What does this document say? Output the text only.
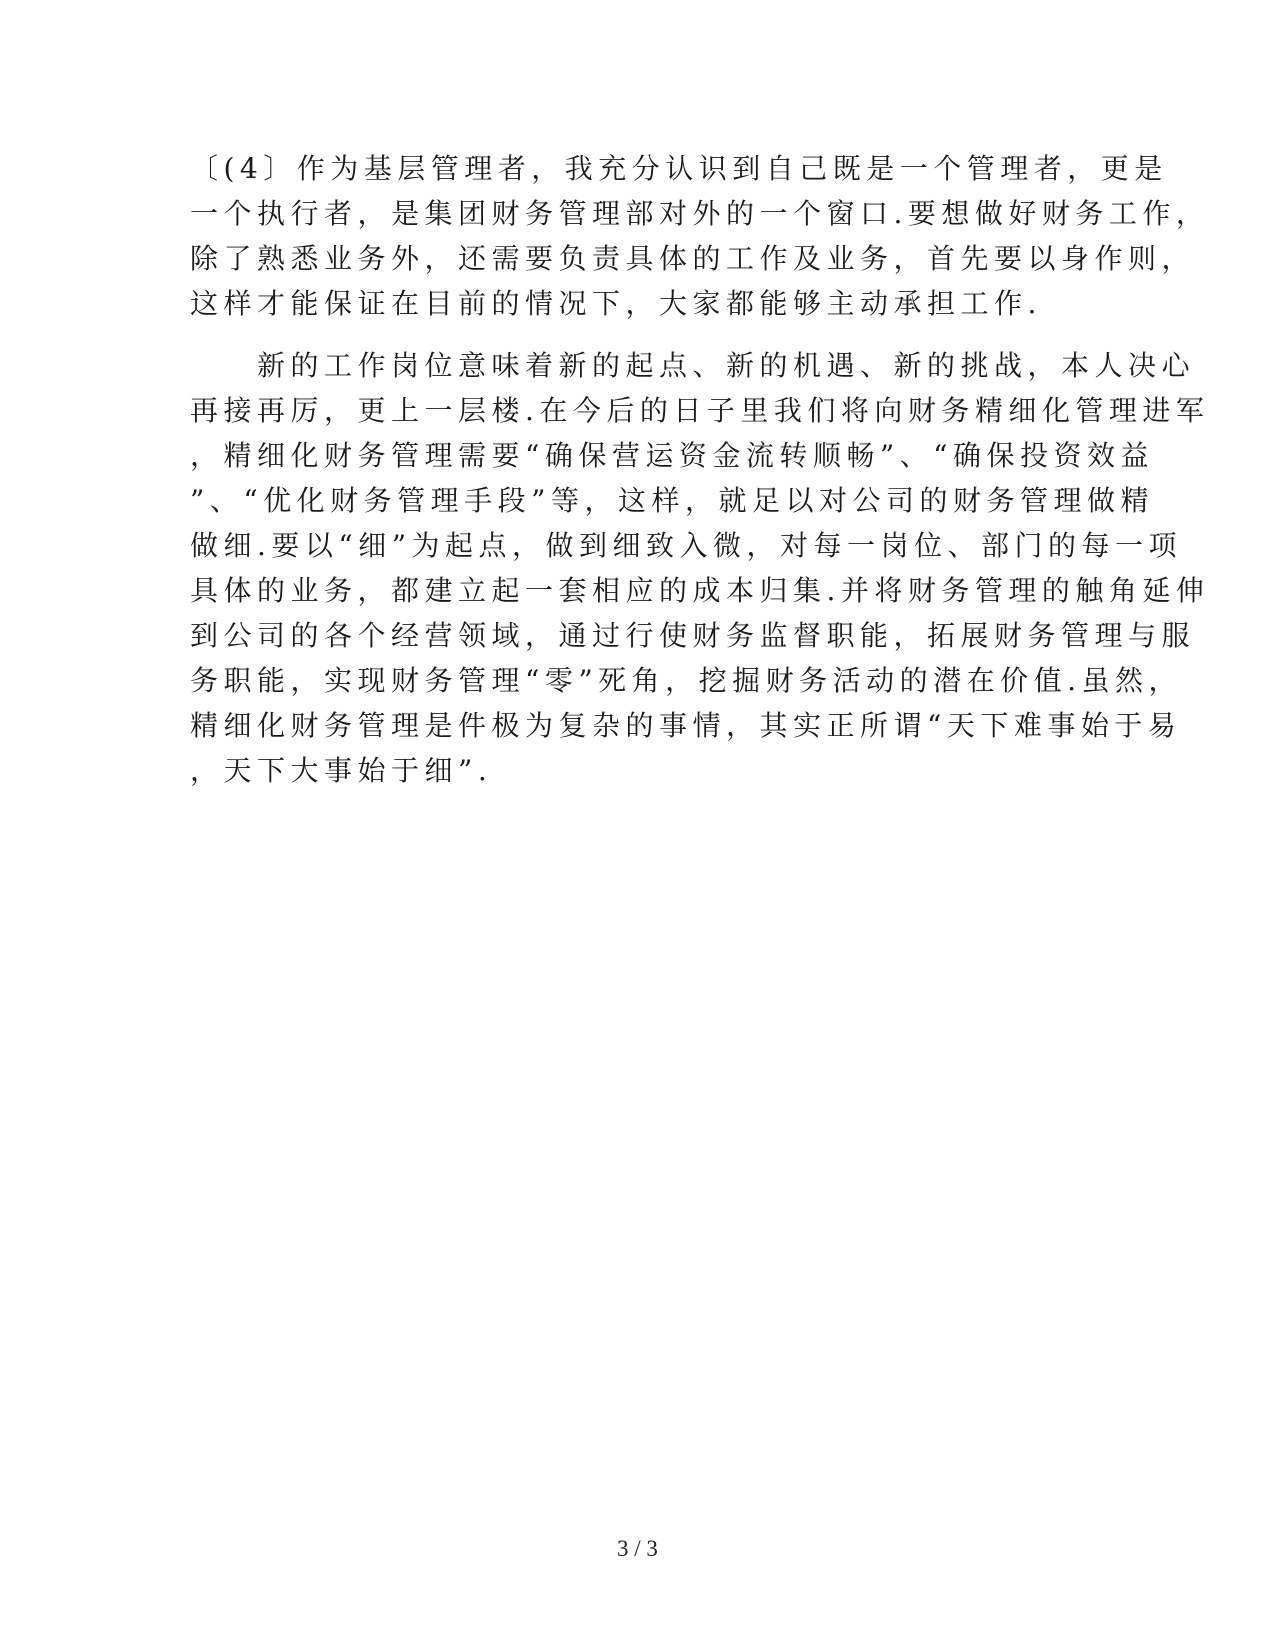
〔(4〕作为基层管理者，我充分认识到自己既是一个管理者，更是
一个执行者，是集团财务管理部对外的一个窗口.要想做好财务工作，
除了熟悉业务外，还需要负责具体的工作及业务，首先要以身作则，
这样才能保证在目前的情况下，大家都能够主动承担工作.
　　新的工作岗位意味着新的起点、新的机遇、新的挑战，本人决心
再接再厉，更上一层楼.在今后的日子里我们将向财务精细化管理进军
，精细化财务管理需要“确保营运资金流转顺畅”、“确保投资效益
”、“优化财务管理手段”等，这样，就足以对公司的财务管理做精
做细.要以“细”为起点，做到细致入微，对每一岗位、部门的每一项
具体的业务，都建立起一套相应的成本归集.并将财务管理的触角延伸
到公司的各个经营领域，通过行使财务监督职能，拓展财务管理与服
务职能，实现财务管理“零”死角，挖掘财务活动的潜在价值.虽然，
精细化财务管理是件极为复杂的事情，其实正所谓“天下难事始于易
，天下大事始于细”.
3 / 3
